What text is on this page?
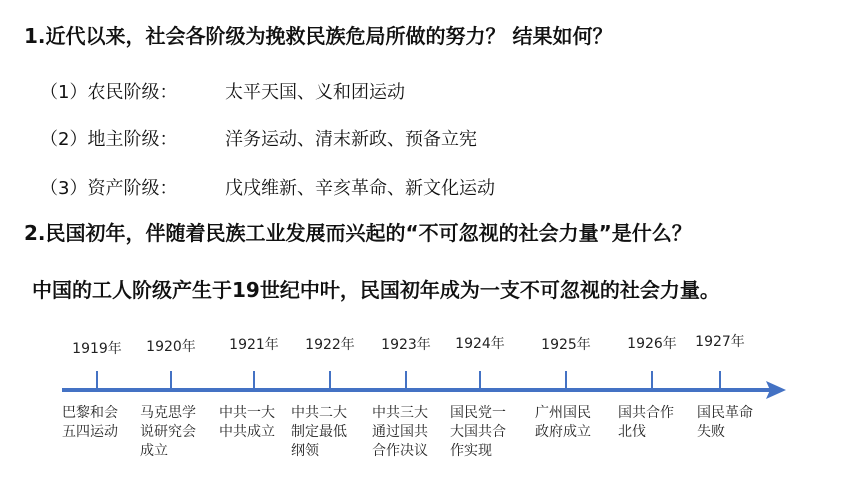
1.近代以来，社会各阶级为挽救民族危局所做的努力？ 结果如何？
（1）农民阶级：	太平天国、义和团运动
（2）地主阶级：	洋务运动、清末新政、预备立宪
（3）资产阶级：	戊戌维新、辛亥革命、新文化运动
2.民国初年，伴随着民族工业发展而兴起的“不可忽视的社会力量”是什么？
中国的工人阶级产生于19世纪中叶，民国初年成为一支不可忽视的社会力量。
1919年
巴黎和会
五四运动
1920年
马克思学
说研究会
成立
1921年
中共一大
中共成立
1922年
中共二大
制定最低
纲领
1923年
中共三大
通过国共
合作决议
1924年
国民党一
大国共合
作实现
1925年
广州国民
政府成立
1926年
国共合作
北伐
1927年
国民革命
失败
